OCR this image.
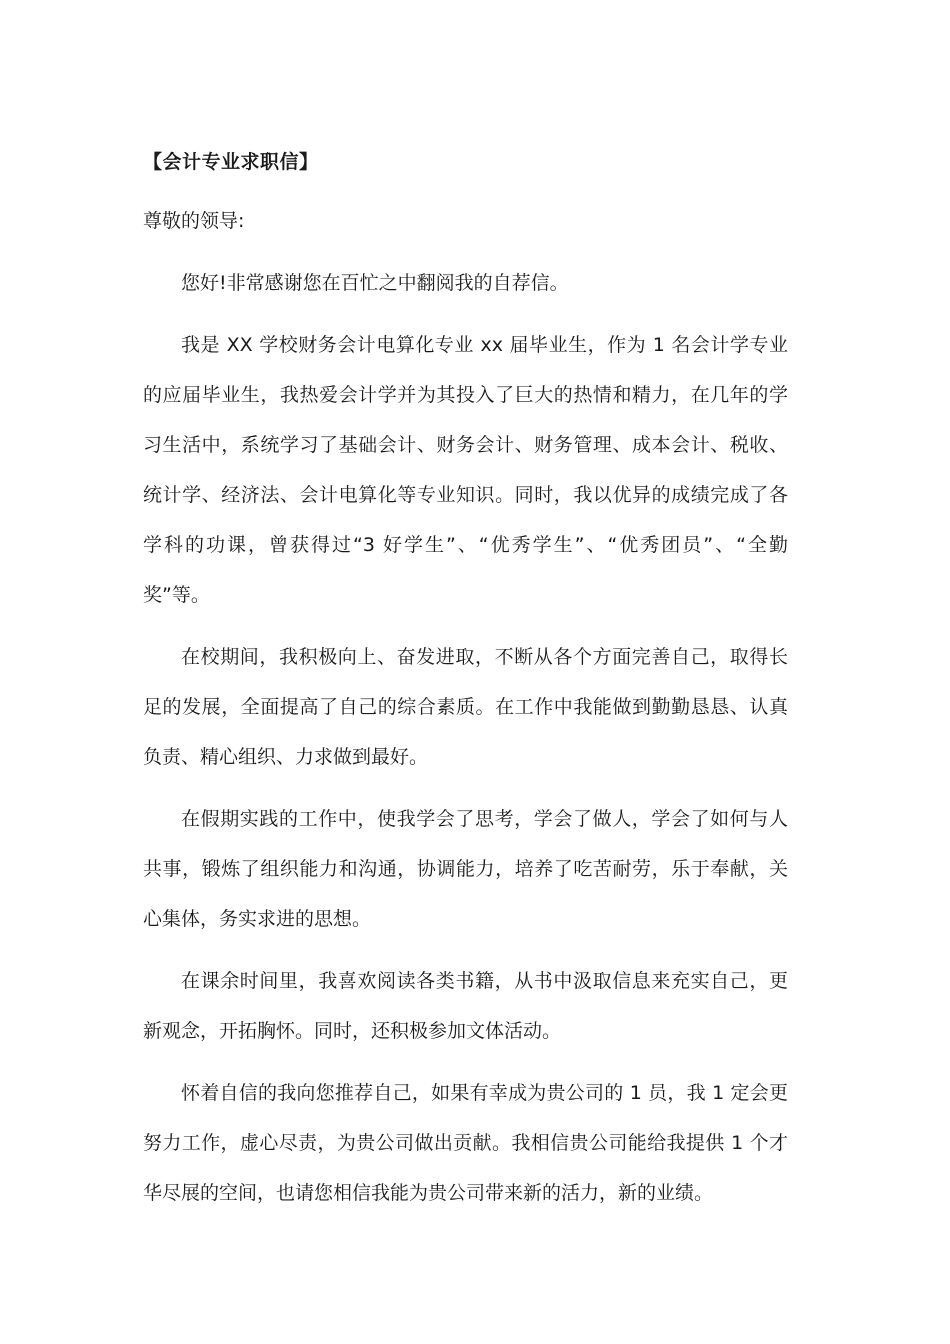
【会计专业求职信】
尊敬的领导:

您好!非常感谢您在百忙之中翻阅我的自荐信。

我是 XX 学校财务会计电算化专业 xx 届毕业生，作为 1 名会计学专业的应届毕业生，我热爱会计学并为其投入了巨大的热情和精力，在几年的学习生活中，系统学习了基础会计、财务会计、财务管理、成本会计、税收、统计学、经济法、会计电算化等专业知识。同时，我以优异的成绩完成了各学科的功课，曾获得过“3 好学生”、“优秀学生”、“优秀团员”、“全勤奖”等。

在校期间，我积极向上、奋发进取，不断从各个方面完善自己，取得长足的发展，全面提高了自己的综合素质。在工作中我能做到勤勤恳恳、认真负责、精心组织、力求做到最好。

在假期实践的工作中，使我学会了思考，学会了做人，学会了如何与人共事，锻炼了组织能力和沟通，协调能力，培养了吃苦耐劳，乐于奉献，关心集体，务实求进的思想。

在课余时间里，我喜欢阅读各类书籍，从书中汲取信息来充实自己，更新观念，开拓胸怀。同时，还积极参加文体活动。

怀着自信的我向您推荐自己，如果有幸成为贵公司的 1 员，我 1 定会更努力工作，虚心尽责，为贵公司做出贡献。我相信贵公司能给我提供 1 个才华尽展的空间，也请您相信我能为贵公司带来新的活力，新的业绩。
